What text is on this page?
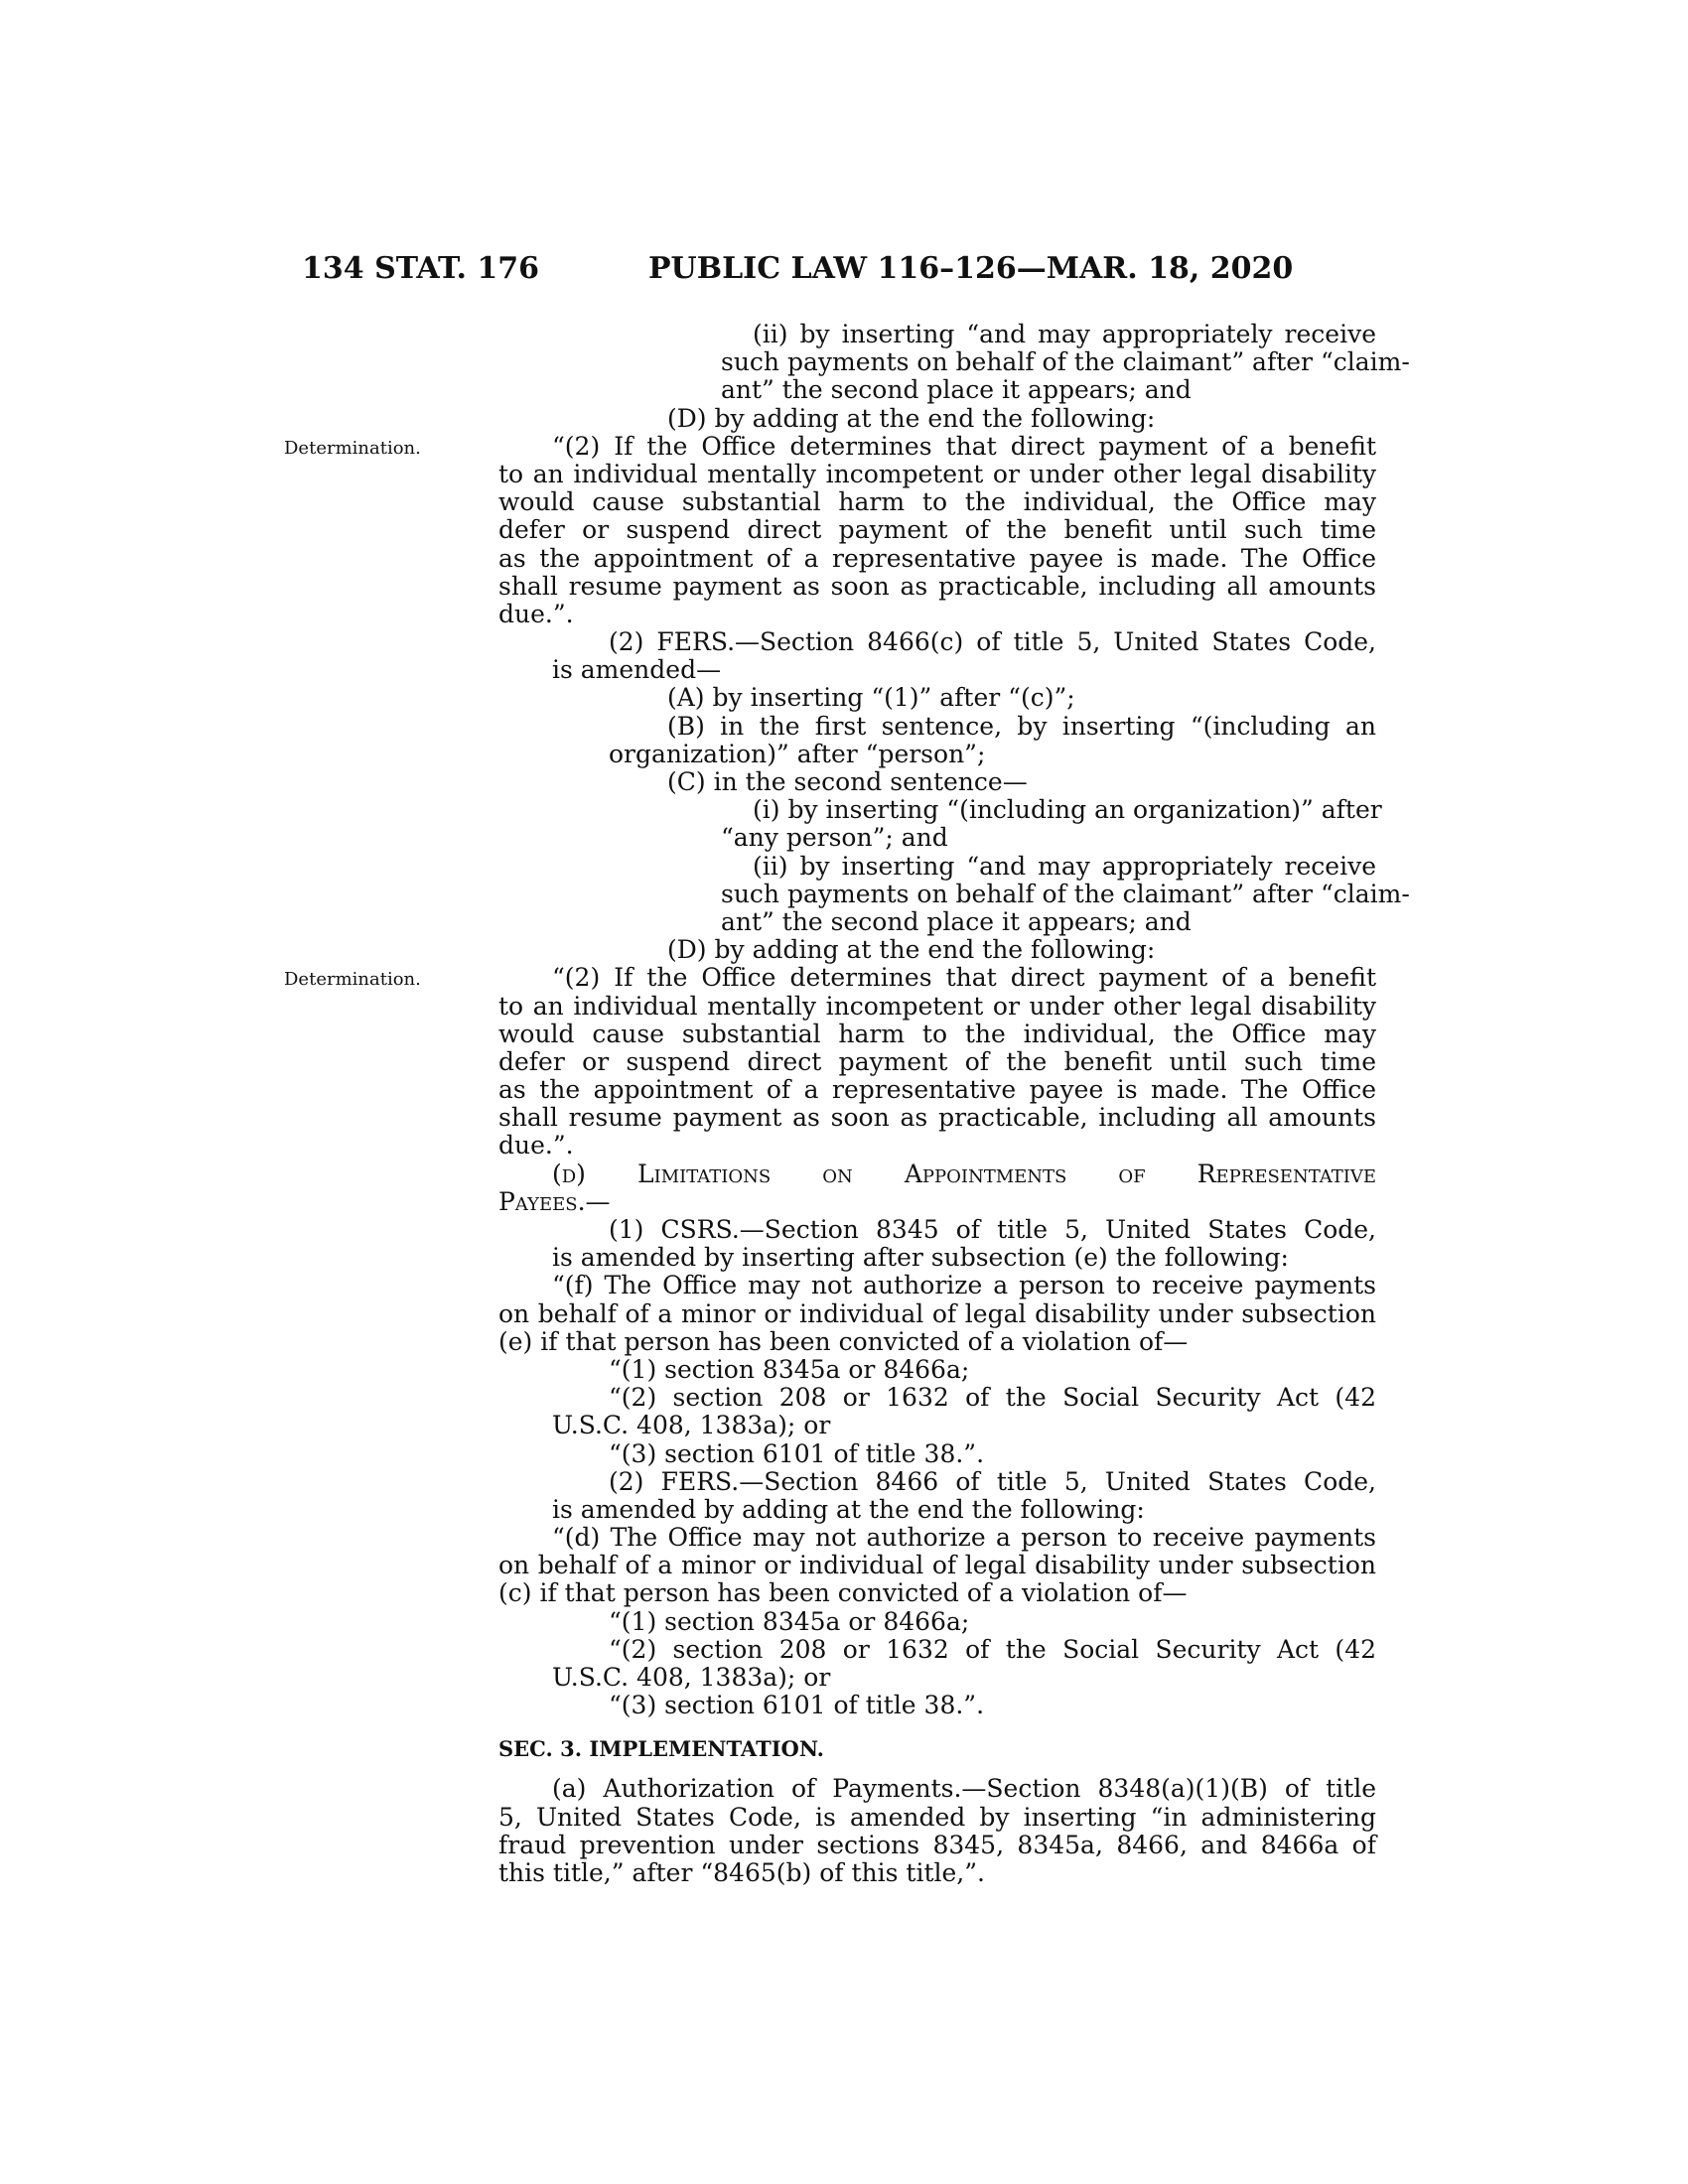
134 STAT. 176	PUBLIC LAW 116–126—MAR. 18, 2020
(ii) by inserting “and may appropriately receive
such payments on behalf of the claimant” after “claim-
ant” the second place it appears; and
(D) by adding at the end the following:
Determination.	“(2) If the Office determines that direct payment of a benefit
to an individual mentally incompetent or under other legal disability
would cause substantial harm to the individual, the Office may
defer or suspend direct payment of the benefit until such time
as the appointment of a representative payee is made. The Office
shall resume payment as soon as practicable, including all amounts
due.”.
(2) FERS.—Section 8466(c) of title 5, United States Code,
is amended—
(A) by inserting “(1)” after “(c)”;
(B) in the first sentence, by inserting “(including an
organization)” after “person”;
(C) in the second sentence—
(i) by inserting “(including an organization)” after
“any person”; and
(ii) by inserting “and may appropriately receive
such payments on behalf of the claimant” after “claim-
ant” the second place it appears; and
(D) by adding at the end the following:
Determination.	“(2) If the Office determines that direct payment of a benefit
to an individual mentally incompetent or under other legal disability
would cause substantial harm to the individual, the Office may
defer or suspend direct payment of the benefit until such time
as the appointment of a representative payee is made. The Office
shall resume payment as soon as practicable, including all amounts
due.”.
(d) Limitations on Appointments of Representative
Payees.—
(1) CSRS.—Section 8345 of title 5, United States Code,
is amended by inserting after subsection (e) the following:
“(f) The Office may not authorize a person to receive payments
on behalf of a minor or individual of legal disability under subsection
(e) if that person has been convicted of a violation of—
“(1) section 8345a or 8466a;
“(2) section 208 or 1632 of the Social Security Act (42
U.S.C. 408, 1383a); or
“(3) section 6101 of title 38.”.
(2) FERS.—Section 8466 of title 5, United States Code,
is amended by adding at the end the following:
“(d) The Office may not authorize a person to receive payments
on behalf of a minor or individual of legal disability under subsection
(c) if that person has been convicted of a violation of—
“(1) section 8345a or 8466a;
“(2) section 208 or 1632 of the Social Security Act (42
U.S.C. 408, 1383a); or
“(3) section 6101 of title 38.”.
SEC. 3. IMPLEMENTATION.
(a) Authorization of Payments.—Section 8348(a)(1)(B) of title
5, United States Code, is amended by inserting “in administering
fraud prevention under sections 8345, 8345a, 8466, and 8466a of
this title,” after “8465(b) of this title,”.
